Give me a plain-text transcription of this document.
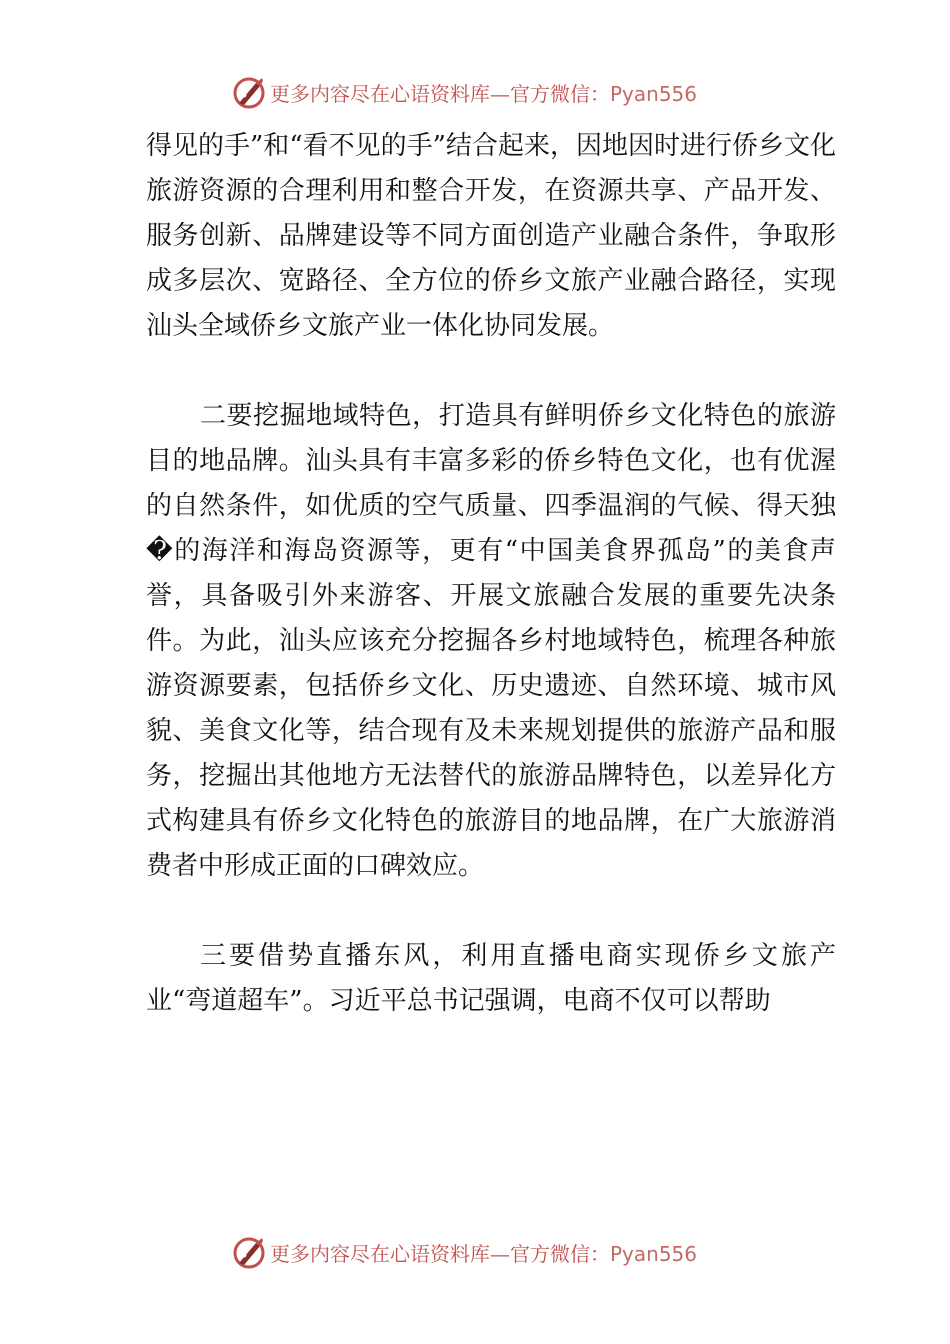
更多内容尽在心语资料库—官方微信：Pyan556

得见的手”和“看不见的手”结合起来，因地因时进行侨乡文化旅游资源的合理利用和整合开发，在资源共享、产品开发、服务创新、品牌建设等不同方面创造产业融合条件，争取形成多层次、宽路径、全方位的侨乡文旅产业融合路径，实现汕头全域侨乡文旅产业一体化协同发展。

二要挖掘地域特色，打造具有鲜明侨乡文化特色的旅游目的地品牌。汕头具有丰富多彩的侨乡特色文化，也有优渥的自然条件，如优质的空气质量、四季温润的气候、得天独�的海洋和海岛资源等，更有“中国美食界孤岛”的美食声誉，具备吸引外来游客、开展文旅融合发展的重要先决条件。为此，汕头应该充分挖掘各乡村地域特色，梳理各种旅游资源要素，包括侨乡文化、历史遗迹、自然环境、城市风貌、美食文化等，结合现有及未来规划提供的旅游产品和服务，挖掘出其他地方无法替代的旅游品牌特色，以差异化方式构建具有侨乡文化特色的旅游目的地品牌，在广大旅游消费者中形成正面的口碑效应。

三要借势直播东风，利用直播电商实现侨乡文旅产业“弯道超车”。习近平总书记强调，电商不仅可以帮助

更多内容尽在心语资料库—官方微信：Pyan556
